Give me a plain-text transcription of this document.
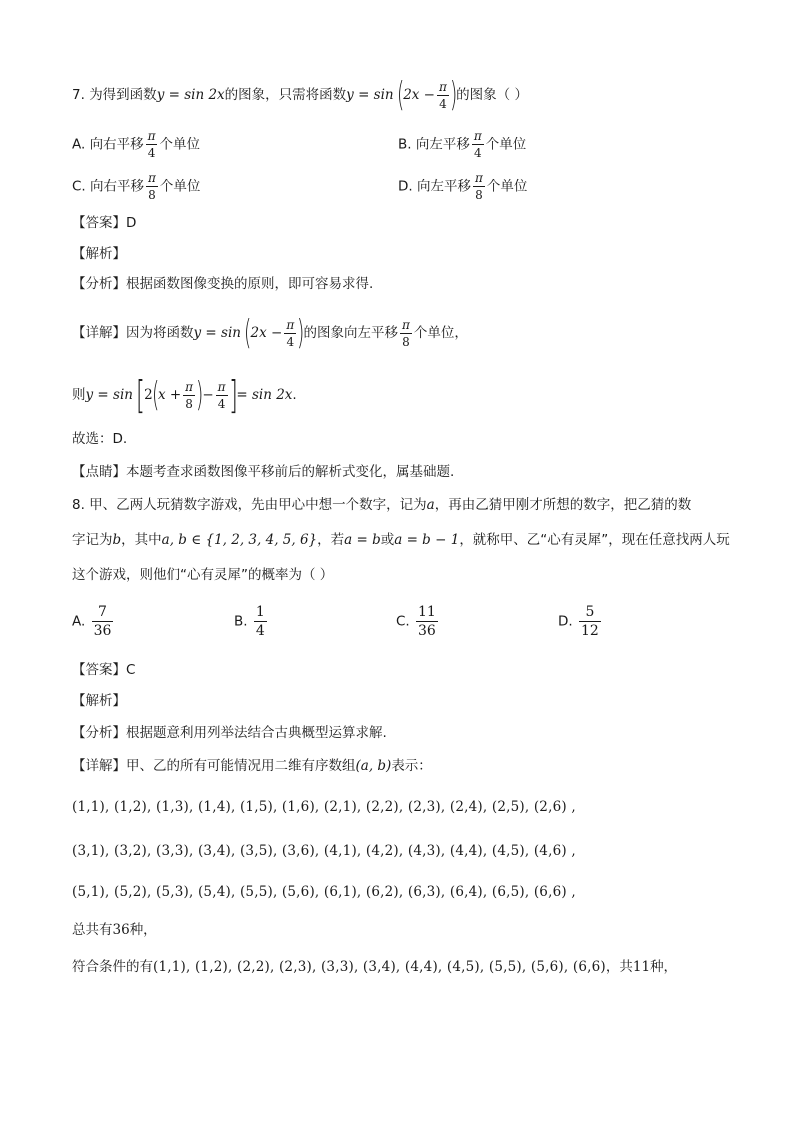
7. 为得到函数y = sin 2x的图象，只需将函数$y = \sin (2x - \frac{\pi}{4}$ )的图象（ ）
A. 向右平移 $\frac{\pi}{4}$ 个单位	B. 向左平移 $\frac{\pi}{4}$ 个单位
C. 向右平移 $\frac{\pi}{8}$ 个单位	D. 向左平移 $\frac{\pi}{8}$ 个单位
【答案】D
【解析】
【分析】根据函数图像变换的原则，即可容易求得.
【详解】因为将函数$y = \sin (2x - \frac{\pi}{4}$ )的图象向左平移 $\frac{\pi}{8}$ 个单位，
则$y = \sin [2(x + \frac{\pi}{8}$ )− $\frac{\pi}{4}$ ]= sin 2x.
故选：D.
【点睛】本题考查求函数图像平移前后的解析式变化，属基础题.
8. 甲、乙两人玩猜数字游戏，先由甲心中想一个数字，记为a，再由乙猜甲刚才所想的数字，把乙猜的数
字记为b，其中a, b ∈ {1, 2, 3, 4, 5, 6}，若a = b或a = b − 1，就称甲、乙“心有灵犀”，现在任意找两人玩
这个游戏，则他们“心有灵犀”的概率为（ ）
A. $\frac{7}{36}$	B. $\frac{1}{4}$	C. $\frac{11}{36}$	D. $\frac{5}{12}$
【答案】C
【解析】
【分析】根据题意利用列举法结合古典概型运算求解.
【详解】甲、乙的所有可能情况用二维有序数组(a, b)表示：
(1,1), (1,2), (1,3), (1,4), (1,5), (1,6), (2,1), (2,2), (2,3), (2,4), (2,5), (2,6) ,
(3,1), (3,2), (3,3), (3,4), (3,5), (3,6), (4,1), (4,2), (4,3), (4,4), (4,5), (4,6) ,
(5,1), (5,2), (5,3), (5,4), (5,5), (5,6), (6,1), (6,2), (6,3), (6,4), (6,5), (6,6) ,
总共有36种，
符合条件的有(1,1), (1,2), (2,2), (2,3), (3,3), (3,4), (4,4), (4,5), (5,5), (5,6), (6,6)，共11种，
